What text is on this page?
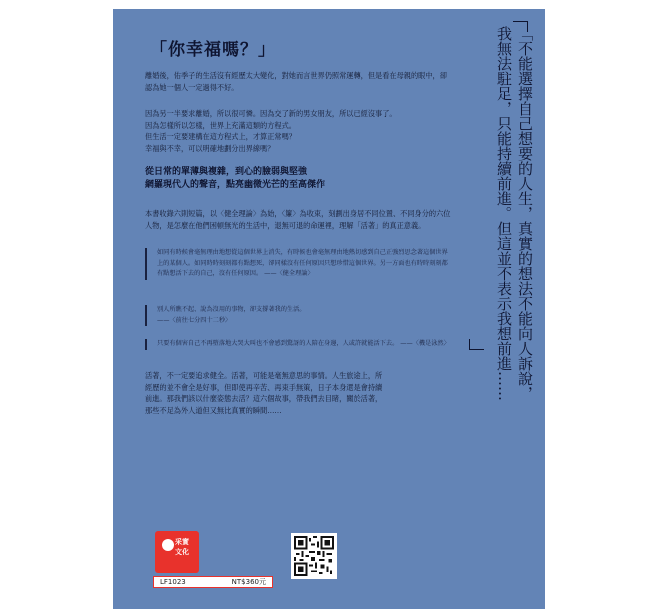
「你幸福嗎？」

離婚後，佑季子的生活沒有經歷太大變化，對她而言世界仍照常運轉，但是看在母親的眼中，卻認為她一個人一定過得不好。

因為另一半要求離婚，所以很可憐。因為交了新的男女朋友，所以已經沒事了。
因為怎樣所以怎樣，世界上充滿這類的方程式。
但生活一定要建構在這方程式上，才算正常嗎？
幸福與不幸，可以明確地劃分出界線嗎？
從日常的單薄與複雜，到心的臉弱與堅強
網羅現代人的聲音，點亮幽微光芒的至高傑作

本書收錄六則短篇，以〈健全理論〉為始，〈簾〉為收束，刻劃出身居不同位置、不同身分的六位人物，是怎麼在他們困頓無光的生活中，退無可退的命運裡，理解「活著」的真正意義。

如同有時候會毫無理由地想從這個世界上消失，有時候也會毫無理由地熱切感到自己正強烈思念著這個世界上的某個人。如同時時刻刻都有點想死，卻同樣沒有任何原因只想珍惜這個世界。另一方面也有時時刻刻都有點想活下去的自己，沒有任何原因。 ——〈健全理論〉
別人所瞧不起、說為沒用的事物，卻支撐著我的生活。
——〈前往七分四十二秒〉
只要有個害自己不再墮落地大哭大叫也不會感到驚訝的人陪在身邊，人或許就能活下去。 ——〈機是泳然〉
活著，不一定要追求健全。活著，可能是毫無意思的事情。人生旅途上，所
經歷的並不會全是好事，但即使再辛苦、再束手無策，日子本身還是會持續
前進。那我們該以什麼姿態去活？這六個故事，帶我們去目睹，關於活著，
那些不足為外人道但又無比真實的瞬間……
「不能選擇自己想要的人生，真實的想法不能向人訴說，
我無法駐足，只能持續前進。但這並不表示我想前進……
采實
文化
LF1023	NT$360元
